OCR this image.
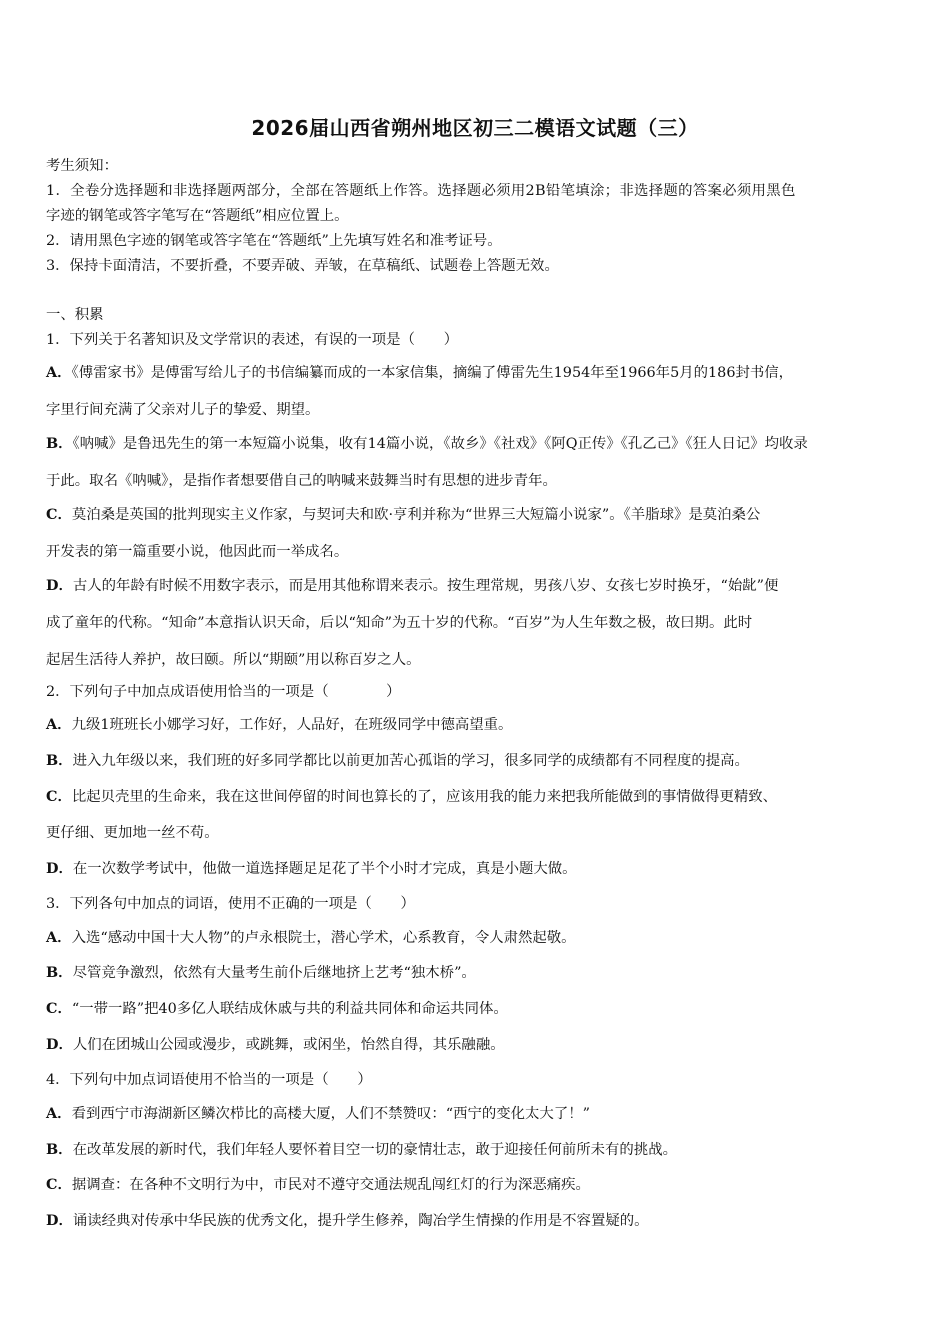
2026届山西省朔州地区初三二模语文试题（三）
考生须知：
1．全卷分选择题和非选择题两部分，全部在答题纸上作答。选择题必须用2B铅笔填涂；非选择题的答案必须用黑色
字迹的钢笔或答字笔写在“答题纸”相应位置上。
2．请用黑色字迹的钢笔或答字笔在“答题纸”上先填写姓名和准考证号。
3．保持卡面清洁，不要折叠，不要弄破、弄皱，在草稿纸、试题卷上答题无效。
一、积累
1．下列关于名著知识及文学常识的表述，有误的一项是（　　）
A．《傅雷家书》是傅雷写给儿子的书信编纂而成的一本家信集，摘编了傅雷先生1954年至1966年5月的186封书信，
字里行间充满了父亲对儿子的挚爱、期望。
B．《呐喊》是鲁迅先生的第一本短篇小说集，收有14篇小说，《故乡》《社戏》《阿Q正传》《孔乙己》《狂人日记》均收录
于此。取名《呐喊》，是指作者想要借自己的呐喊来鼓舞当时有思想的进步青年。
C．莫泊桑是英国的批判现实主义作家，与契诃夫和欧·亨利并称为“世界三大短篇小说家”。《羊脂球》是莫泊桑公
开发表的第一篇重要小说，他因此而一举成名。
D．古人的年龄有时候不用数字表示，而是用其他称谓来表示。按生理常规，男孩八岁、女孩七岁时换牙，“始龀”便
成了童年的代称。“知命”本意指认识天命，后以“知命”为五十岁的代称。“百岁”为人生年数之极，故曰期。此时
起居生活待人养护，故曰颐。所以“期颐”用以称百岁之人。
2．下列句子中加点成语使用恰当的一项是（　　　　）
A．九级1班班长小娜学习好，工作好，人品好，在班级同学中德高望重。
B．进入九年级以来，我们班的好多同学都比以前更加苦心孤诣的学习，很多同学的成绩都有不同程度的提高。
C．比起贝壳里的生命来，我在这世间停留的时间也算长的了，应该用我的能力来把我所能做到的事情做得更精致、
更仔细、更加地一丝不苟。
D．在一次数学考试中，他做一道选择题足足花了半个小时才完成，真是小题大做。
3．下列各句中加点的词语，使用不正确的一项是（　　）
A．入选“感动中国十大人物”的卢永根院士，潜心学术，心系教育，令人肃然起敬。
B．尽管竞争激烈，依然有大量考生前仆后继地挤上艺考“独木桥”。
C．“一带一路”把40多亿人联结成休戚与共的利益共同体和命运共同体。
D．人们在团城山公园或漫步，或跳舞，或闲坐，怡然自得，其乐融融。
4．下列句中加点词语使用不恰当的一项是（　　）
A．看到西宁市海湖新区鳞次栉比的高楼大厦，人们不禁赞叹：“西宁的变化太大了！”
B．在改革发展的新时代，我们年轻人要怀着目空一切的豪情壮志，敢于迎接任何前所未有的挑战。
C．据调查：在各种不文明行为中，市民对不遵守交通法规乱闯红灯的行为深恶痛疾。
D．诵读经典对传承中华民族的优秀文化，提升学生修养，陶冶学生情操的作用是不容置疑的。
